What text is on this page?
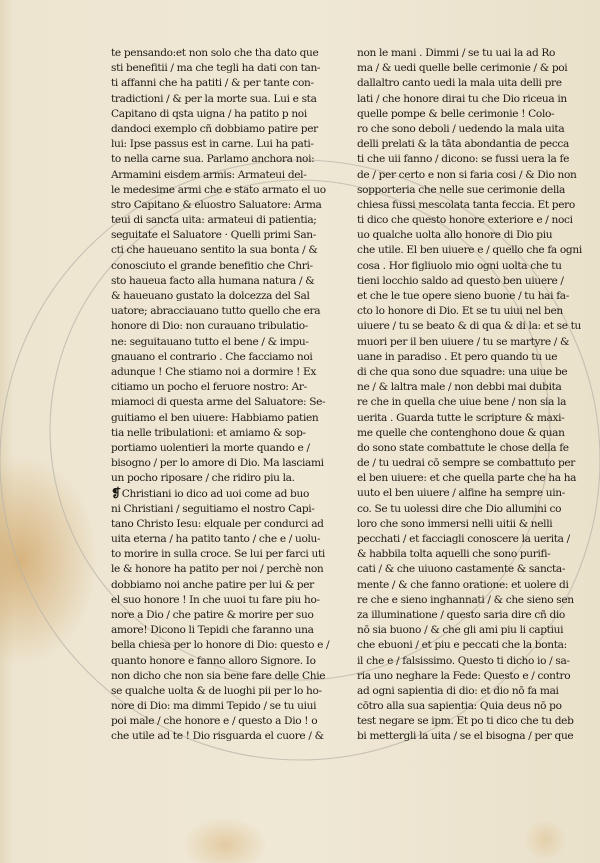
te pensando:et non solo che tha dato que
sti benefitii / ma che tegli ha dati con tan-
ti affanni che ha patiti / & per tante con-
tradictioni / & per la morte sua. Lui e sta
Capitano di qsta uigna / ha patito p noi
dandoci exemplo cñ dobbiamo patire per
lui: Ipse passus est in carne. Lui ha pati-
to nella carne sua. Parlamo anchora noi:
Armamini eisdem armis: Armateui del-
le medesime armi che e stato armato el uo
stro Capitano & eluostro Saluatore: Arma
teui di sancta uita: armateui di patientia;
seguitate el Saluatore · Quelli primi San-
cti che haueuano sentito la sua bonta / &
conosciuto el grande benefitio che Chri-
sto haueua facto alla humana natura / &
& haueuano gustato la dolcezza del Sal
uatore; abracciauano tutto quello che era
honore di Dio: non curauano tribulatio-
ne: seguitauano tutto el bene / & impu-
gnauano el contrario . Che facciamo noi
adunque ! Che stiamo noi a dormire ! Ex
citiamo un pocho el feruore nostro: Ar-
miamoci di questa arme del Saluatore: Se-
guitiamo el ben uiuere: Habbiamo patien
tia nelle tribulationi: et amiamo & sop-
portiamo uolentieri la morte quando e /
bisogno / per lo amore di Dio. Ma lasciami
un pocho riposare / che ridiro piu la.
❡Christiani io dico ad uoi come ad buo
ni Christiani / seguitiamo el nostro Capi-
tano Christo Iesu: elquale per condurci ad
uita eterna / ha patito tanto / che e / uolu-
to morire in sulla croce. Se lui per farci uti
le & honore ha patito per noi / perchè non
dobbiamo noi anche patire per lui & per
el suo honore ! In che uuoi tu fare piu ho-
nore a Dio / che patire & morire per suo
amore! Dicono li Tepidi che faranno una
bella chiesa per lo honore di Dio: questo e /
quanto honore e fanno alloro Signore. Io
non dicho che non sia bene fare delle Chie
se qualche uolta & de luoghi pii per lo ho-
nore di Dio: ma dimmi Tepido / se tu uiui
poi male / che honore e / questo a Dio ! o
che utile ad te ! Dio risguarda el cuore / &
non le mani . Dimmi / se tu uai la ad Ro
ma / & uedi quelle belle cerimonie / & poi
dallaltro canto uedi la mala uita delli pre
lati / che honore dirai tu che Dio riceua in
quelle pompe & belle cerimonie ! Colo-
ro che sono deboli / uedendo la mala uita
delli prelati & la tāta abondantia de pecca
ti che uii fanno / dicono: se fussi uera la fe
de / per certo e non si faria cosi / & Dio non
sopporteria che nelle sue cerimonie della
chiesa fussi mescolata tanta feccia. Et pero
ti dico che questo honore exteriore e / noci
uo qualche uolta allo honore di Dio piu
che utile. El ben uiuere e / quello che fa ogni
cosa . Hor figliuolo mio ogni uolta che tu
tieni locchio saldo ad questo ben uiuere /
et che le tue opere sieno buone / tu hai fa-
cto lo honore di Dio. Et se tu uiui nel ben
uiuere / tu se beato & di qua & di la: et se tu
muori per il ben uiuere / tu se martyre / &
uane in paradiso . Et pero quando tu ue
di che qua sono due squadre: una uiue be
ne / & laltra male / non debbi mai dubita
re che in quella che uiue bene / non sia la
uerita . Guarda tutte le scripture & maxi-
me quelle che contenghono doue & quan
do sono state combattute le chose della fe
de / tu uedrai cō sempre se combattuto per
el ben uiuere: et che quella parte che ha ha
uuto el ben uiuere / alfine ha sempre uin-
co. Se tu uolessi dire che Dio allumini co
loro che sono immersi nelli uitii & nelli
pecchati / et facciagli conoscere la uerita /
& habbila tolta aquelli che sono purifi-
cati / & che uiuono castamente & sancta-
mente / & che fanno oratione: et uolere di
re che e sieno inghannati / & che sieno sen
za illuminatione / questo saria dire cñ dio
nō sia buono / & che gli ami piu li captiui
che ebuoni / et piu e peccati che la bonta:
il che e / falsissimo. Questo ti dicho io / sa-
ria uno neghare la Fede: Questo e / contro
ad ogni sapientia di dio: et dio nō fa mai
cōtro alla sua sapientia: Quia deus nō po
test negare se ipm. Et po ti dico che tu deb
bi mettergli la uita / se el bisogna / per que
